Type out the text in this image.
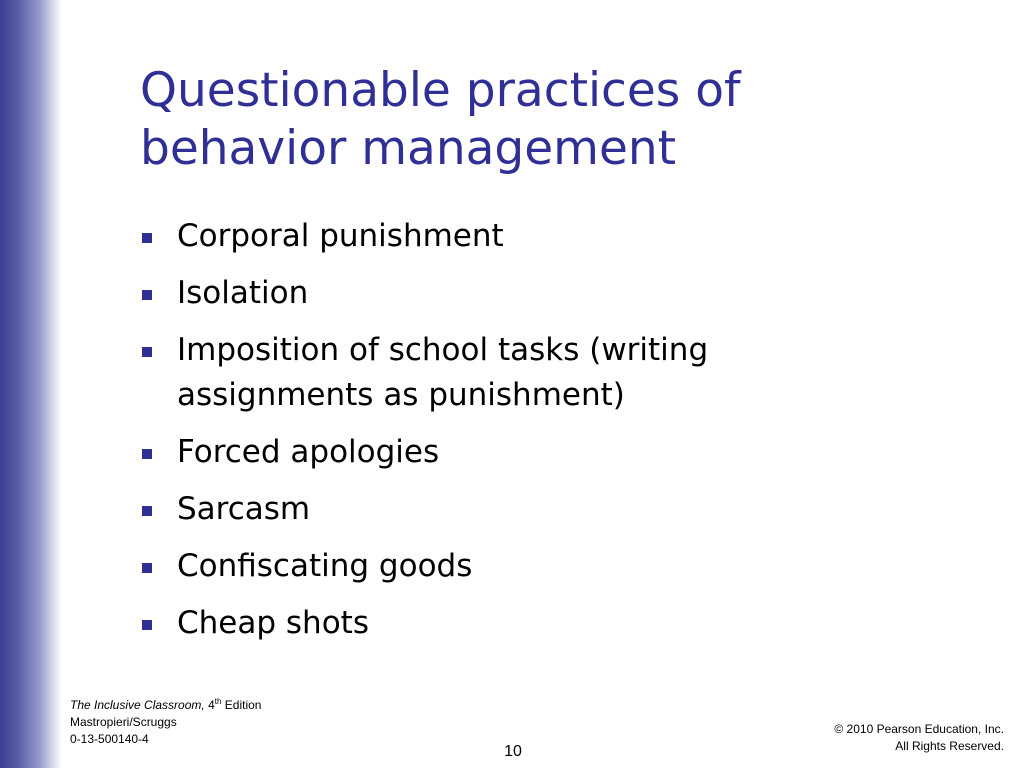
Questionable practices of
behavior management
Corporal punishment
Isolation
Imposition of school tasks (writing assignments as punishment)
Forced apologies
Sarcasm
Confiscating goods
Cheap shots
The Inclusive Classroom, 4th Edition
Mastropieri/Scruggs
0-13-500140-4
10
© 2010 Pearson Education, Inc.
All Rights Reserved.
